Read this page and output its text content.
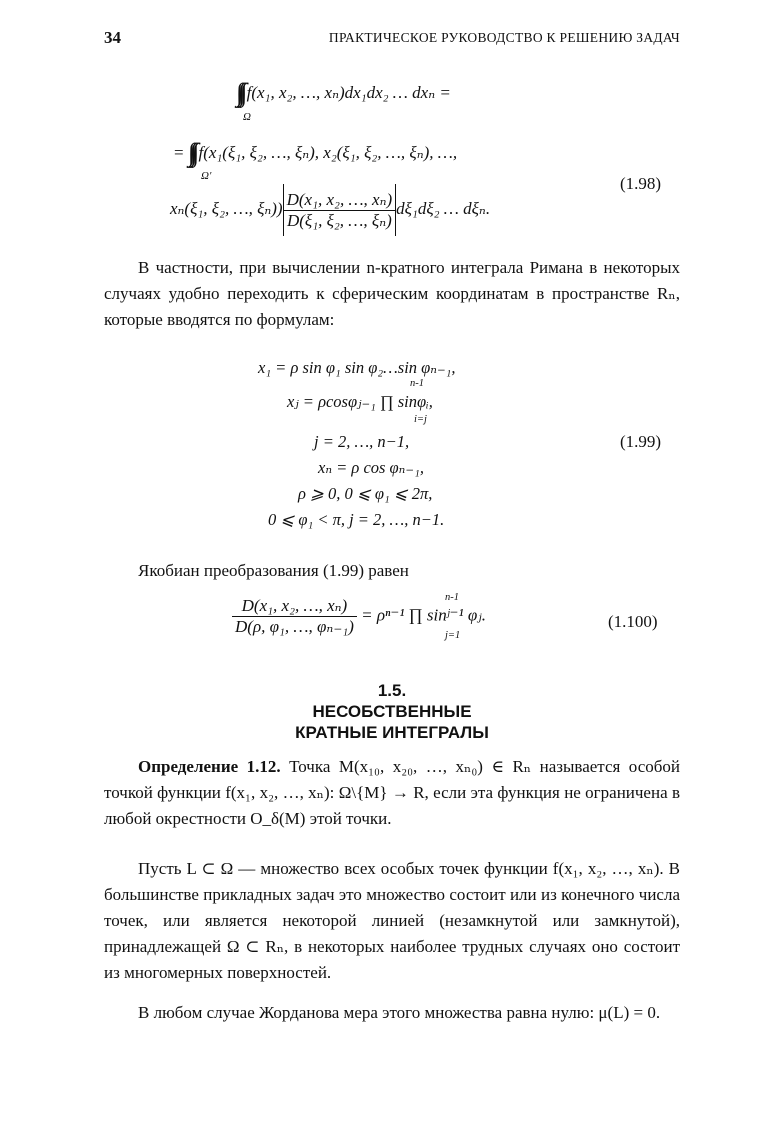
34	ПРАКТИЧЕСКОЕ РУКОВОДСТВО К РЕШЕНИЮ ЗАДАЧ
∫∫∫ f(x₁, x₂, …, xₙ)dx₁dx₂ … dxₙ =
Ω
= ∫∫∫ f(x₁(ξ₁, ξ₂, …, ξₙ), x₂(ξ₁, ξ₂, …, ξₙ), …,
Ω′	(1.98)
xₙ(ξ₁, ξ₂, …, $\xi_n)) \frac{\text{D(x₁, x₂, …, xₙ)}}{\text{D(ξ₁, ξ₂, …, ξₙ)}} d\xi_1d\xi_2$ … dξₙ.
В частности, при вычислении n-кратного интеграла Римана в некоторых случаях удобно переходить к сферическим координатам в пространстве Rₙ, которые вводятся по формулам:
x₁ = ρ sin φ₁ sin φ₂…sin φₙ₋₁,
n-1
xⱼ = ρcosφⱼ₋₁ ∏ sinφᵢ,
i=j
j = 2, …, n−1,	(1.99)
xₙ = ρ cos φₙ₋₁,
ρ ⩾ 0, 0 ⩽ φ₁ ⩽ 2π,
0 ⩽ φ₁ < π, j = 2, …, n−1.
Якобиан преобразования (1.99) равен
$\frac{\text{D(x₁, x₂, …, xₙ)}}{\text{D(ρ, φ₁, …, φₙ₋₁)}} = \rho^{n-1}$ ∏ sinʲ⁻¹ φⱼ.
n-1
j=1
(1.100)
1.5.
НЕСОБСТВЕННЫЕ
КРАТНЫЕ ИНТЕГРАЛЫ
Определение 1.12. Точка M(x₁₀, x₂₀, …, xₙ₀) ∈ Rₙ называется особой точкой функции f(x₁, x₂, …, xₙ): Ω\{M} → R, если эта функция не ограничена в любой окрестности O_δ(M) этой точки.
Пусть L ⊂ Ω — множество всех особых точек функции f(x₁, x₂, …, xₙ). В большинстве прикладных задач это множество состоит или из конечного числа точек, или является некоторой линией (незамкнутой или замкнутой), принадлежащей Ω ⊂ Rₙ, в некоторых наиболее трудных случаях оно состоит из многомерных поверхностей.
В любом случае Жорданова мера этого множества равна нулю: μ(L) = 0.
